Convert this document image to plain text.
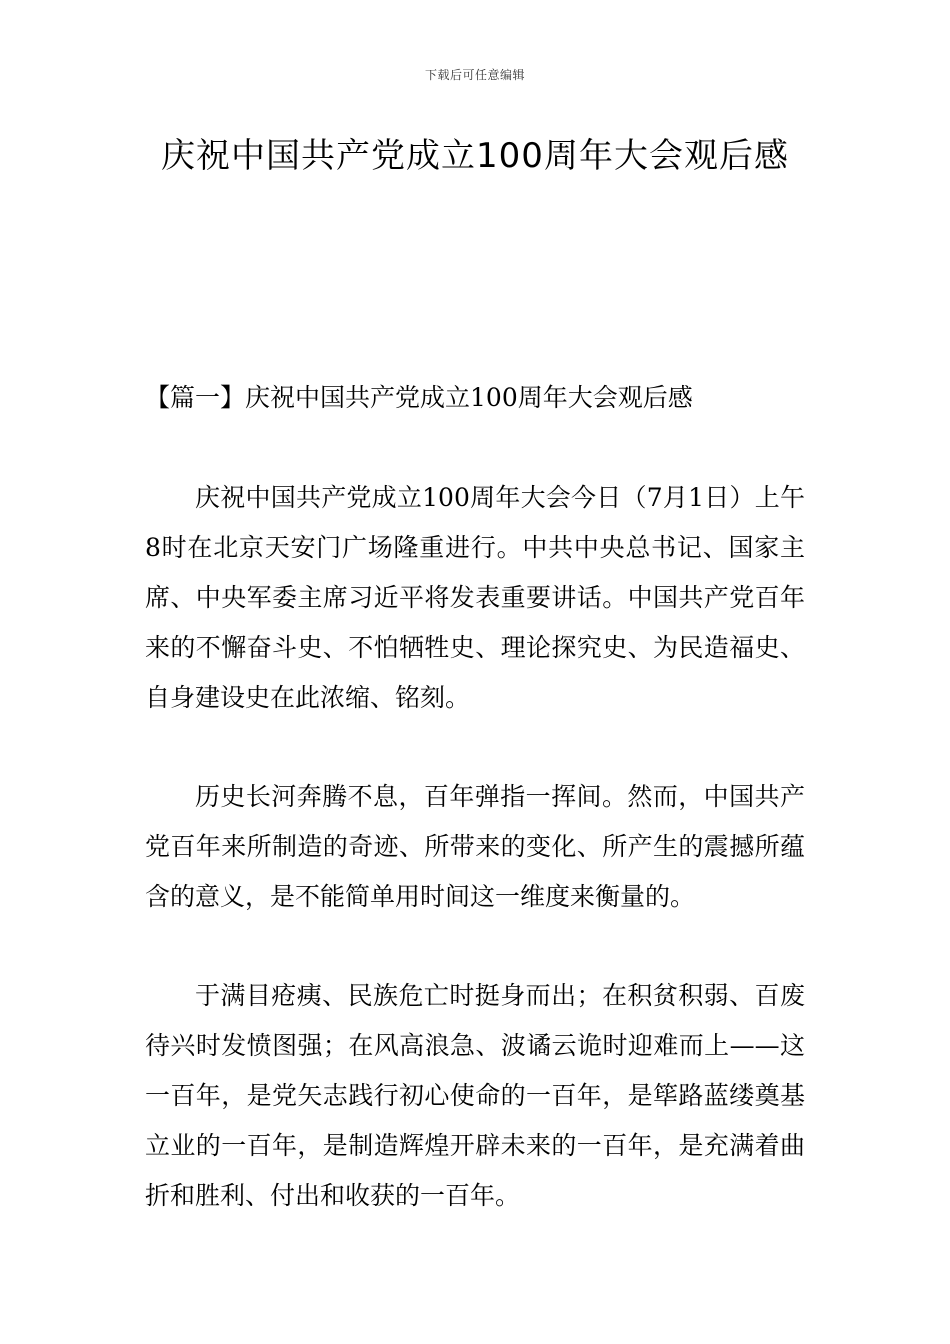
下载后可任意编辑
庆祝中国共产党成立100周年大会观后感
【篇一】庆祝中国共产党成立100周年大会观后感

庆祝中国共产党成立100周年大会今日（7月1日）上午8时在北京天安门广场隆重进行。中共中央总书记、国家主席、中央军委主席习近平将发表重要讲话。中国共产党百年来的不懈奋斗史、不怕牺牲史、理论探究史、为民造福史、自身建设史在此浓缩、铭刻。

历史长河奔腾不息，百年弹指一挥间。然而，中国共产党百年来所制造的奇迹、所带来的变化、所产生的震撼所蕴含的意义，是不能简单用时间这一维度来衡量的。

于满目疮痍、民族危亡时挺身而出；在积贫积弱、百废待兴时发愤图强；在风高浪急、波谲云诡时迎难而上——这一百年，是党矢志践行初心使命的一百年，是筚路蓝缕奠基立业的一百年，是制造辉煌开辟未来的一百年，是充满着曲折和胜利、付出和收获的一百年。
